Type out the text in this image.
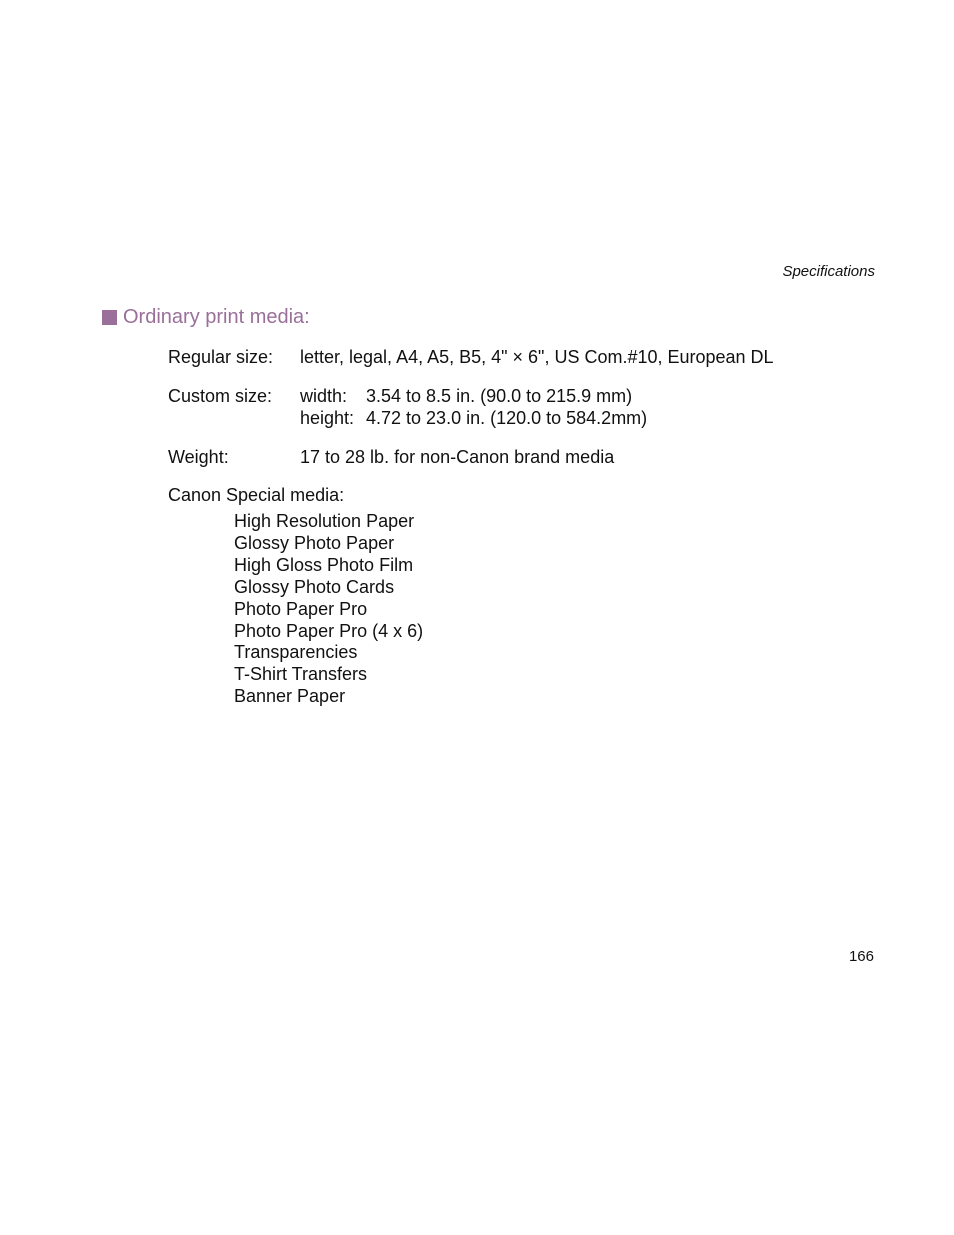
Specifications
Ordinary print media:
Regular size: letter, legal, A4, A5, B5, 4" × 6", US Com.#10, European DL
Custom size: width: 3.54 to 8.5 in. (90.0 to 215.9 mm)
height: 4.72 to 23.0 in. (120.0 to 584.2mm)
Weight:	17 to 28 lb. for non-Canon brand media
Canon Special media:
High Resolution Paper
Glossy Photo Paper
High Gloss Photo Film
Glossy Photo Cards
Photo Paper Pro
Photo Paper Pro (4 x 6)
Transparencies
T-Shirt Transfers
Banner Paper
166
